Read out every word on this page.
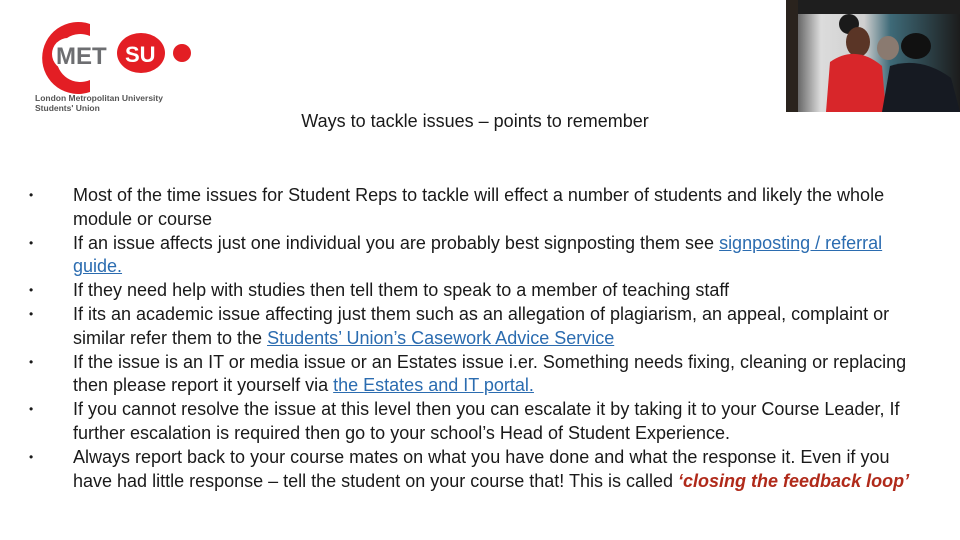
MET SU
London Metropolitan University
Students' Union
Ways to tackle issues – points to remember
• Most of the time issues for Student Reps to tackle will effect a number of students and likely the whole module or course
• If an issue affects just one individual you are probably best signposting them see signposting / referral guide.
• If they need help with studies then tell them to speak to a member of teaching staff
• If its an academic issue affecting just them such as an allegation of plagiarism, an appeal, complaint or similar refer them to the Students’ Union’s Casework Advice Service
• If the issue is an IT or media issue or an Estates issue i.er. Something needs fixing, cleaning or replacing then please report it yourself via the Estates and IT portal.
• If you cannot resolve the issue at this level then you can escalate it by taking it to your Course Leader, If further escalation is required then go to your school’s Head of Student Experience.
• Always report back to your course mates on what you have done and what the response it. Even if you have had little response – tell the student on your course that! This is called ‘closing the feedback loop’
